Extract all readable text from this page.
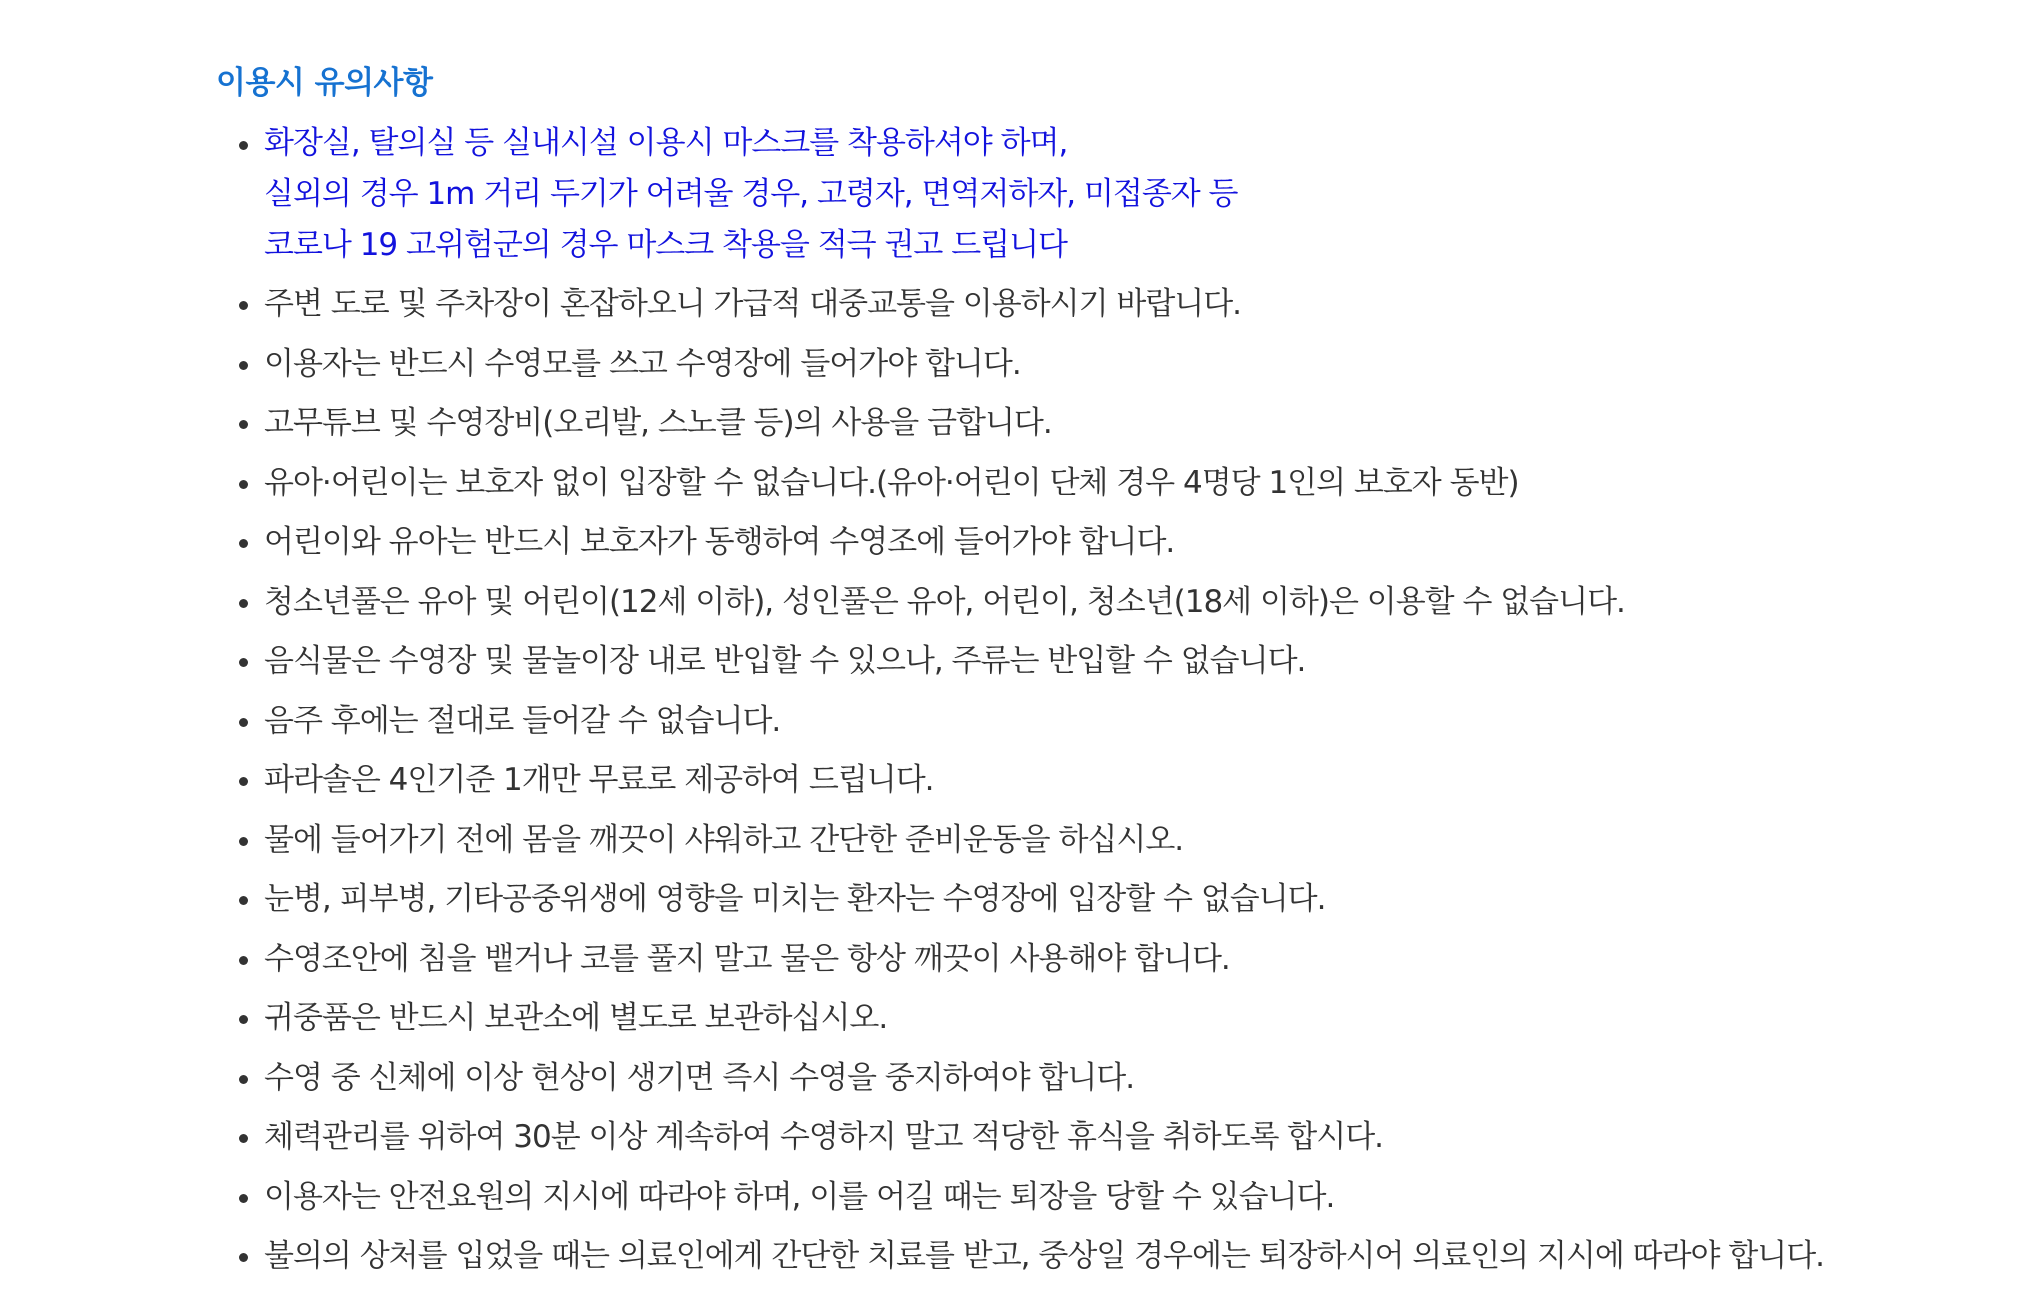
이용시 유의사항
화장실, 탈의실 등 실내시설 이용시 마스크를 착용하셔야 하며,
실외의 경우 1m 거리 두기가 어려울 경우, 고령자, 면역저하자, 미접종자 등
코로나 19 고위험군의 경우 마스크 착용을 적극 권고 드립니다
주변 도로 및 주차장이 혼잡하오니 가급적 대중교통을 이용하시기 바랍니다.
이용자는 반드시 수영모를 쓰고 수영장에 들어가야 합니다.
고무튜브 및 수영장비(오리발, 스노클 등)의 사용을 금합니다.
유아·어린이는 보호자 없이 입장할 수 없습니다.(유아·어린이 단체 경우 4명당 1인의 보호자 동반)
어린이와 유아는 반드시 보호자가 동행하여 수영조에 들어가야 합니다.
청소년풀은 유아 및 어린이(12세 이하), 성인풀은 유아, 어린이, 청소년(18세 이하)은 이용할 수 없습니다.
음식물은 수영장 및 물놀이장 내로 반입할 수 있으나, 주류는 반입할 수 없습니다.
음주 후에는 절대로 들어갈 수 없습니다.
파라솔은 4인기준 1개만 무료로 제공하여 드립니다.
물에 들어가기 전에 몸을 깨끗이 샤워하고 간단한 준비운동을 하십시오.
눈병, 피부병, 기타공중위생에 영향을 미치는 환자는 수영장에 입장할 수 없습니다.
수영조안에 침을 뱉거나 코를 풀지 말고 물은 항상 깨끗이 사용해야 합니다.
귀중품은 반드시 보관소에 별도로 보관하십시오.
수영 중 신체에 이상 현상이 생기면 즉시 수영을 중지하여야 합니다.
체력관리를 위하여 30분 이상 계속하여 수영하지 말고 적당한 휴식을 취하도록 합시다.
이용자는 안전요원의 지시에 따라야 하며, 이를 어길 때는 퇴장을 당할 수 있습니다.
불의의 상처를 입었을 때는 의료인에게 간단한 치료를 받고, 중상일 경우에는 퇴장하시어 의료인의 지시에 따라야 합니다.
